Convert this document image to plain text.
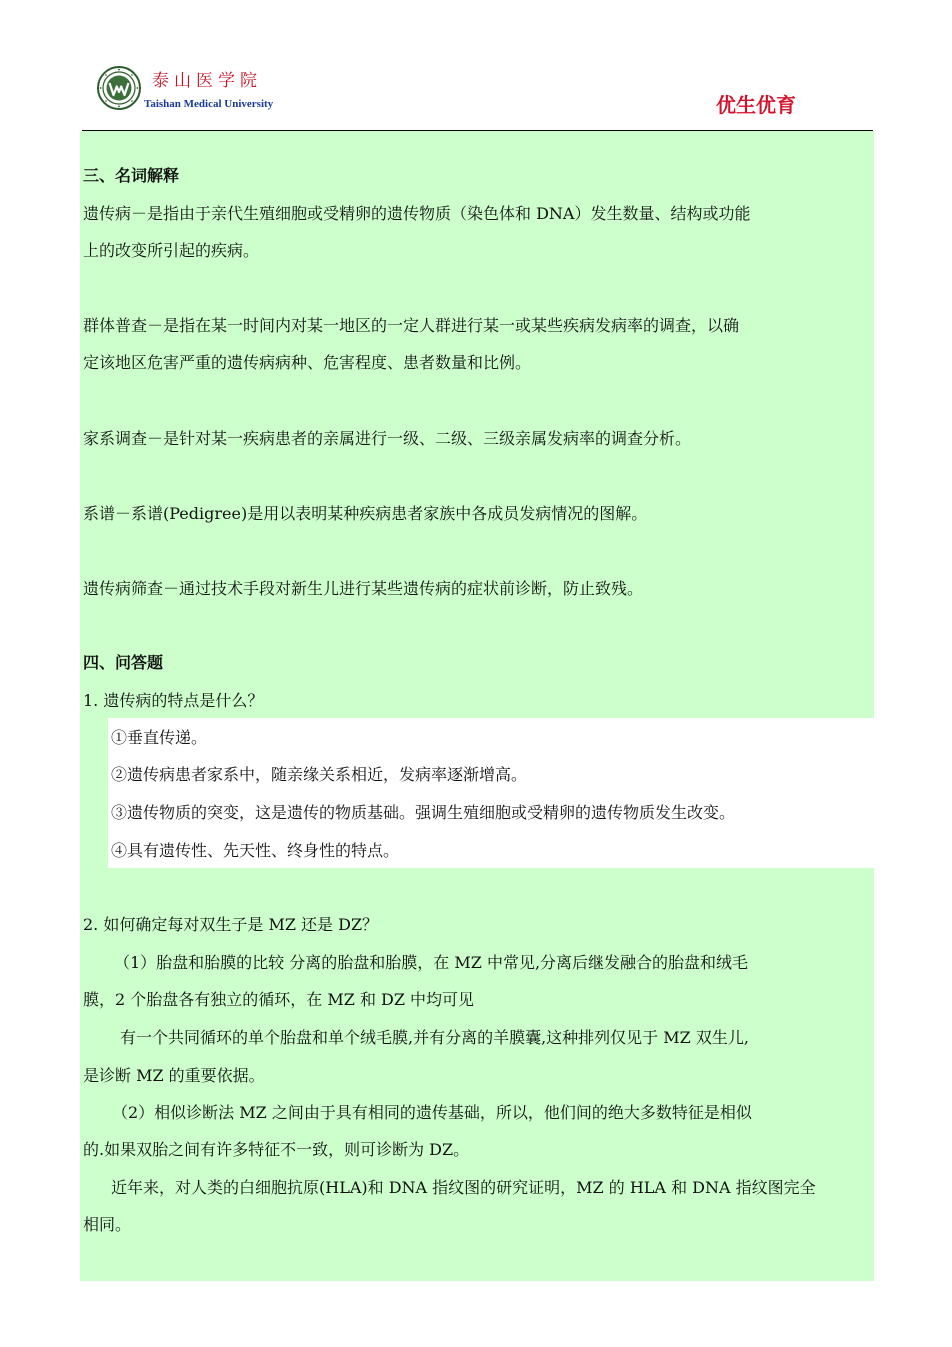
泰山医学院

Taishan Medical University	优生优育

三、名词解释

遗传病－是指由于亲代生殖细胞或受精卵的遗传物质（染色体和 DNA）发生数量、结构或功能

上的改变所引起的疾病。

群体普查－是指在某一时间内对某一地区的一定人群进行某一或某些疾病发病率的调查，以确

定该地区危害严重的遗传病病种、危害程度、患者数量和比例。

家系调查－是针对某一疾病患者的亲属进行一级、二级、三级亲属发病率的调查分析。

系谱－系谱(Pedigree)是用以表明某种疾病患者家族中各成员发病情况的图解。

遗传病筛查－通过技术手段对新生儿进行某些遗传病的症状前诊断，防止致残。

四、问答题

1. 遗传病的特点是什么？

①垂直传递。

②遗传病患者家系中，随亲缘关系相近，发病率逐渐增高。

③遗传物质的突变，这是遗传的物质基础。强调生殖细胞或受精卵的遗传物质发生改变。

④具有遗传性、先天性、终身性的特点。

2. 如何确定每对双生子是 MZ 还是 DZ？

（1）胎盘和胎膜的比较 分离的胎盘和胎膜，在 MZ 中常见,分离后继发融合的胎盘和绒毛

膜，2 个胎盘各有独立的循环，在 MZ 和 DZ 中均可见

有一个共同循环的单个胎盘和单个绒毛膜,并有分离的羊膜囊,这种排列仅见于 MZ 双生儿,

是诊断 MZ 的重要依据。

（2）相似诊断法 MZ 之间由于具有相同的遗传基础，所以，他们间的绝大多数特征是相似

的.如果双胎之间有许多特征不一致，则可诊断为 DZ。

近年来，对人类的白细胞抗原(HLA)和 DNA 指纹图的研究证明，MZ 的 HLA 和 DNA 指纹图完全

相同。
